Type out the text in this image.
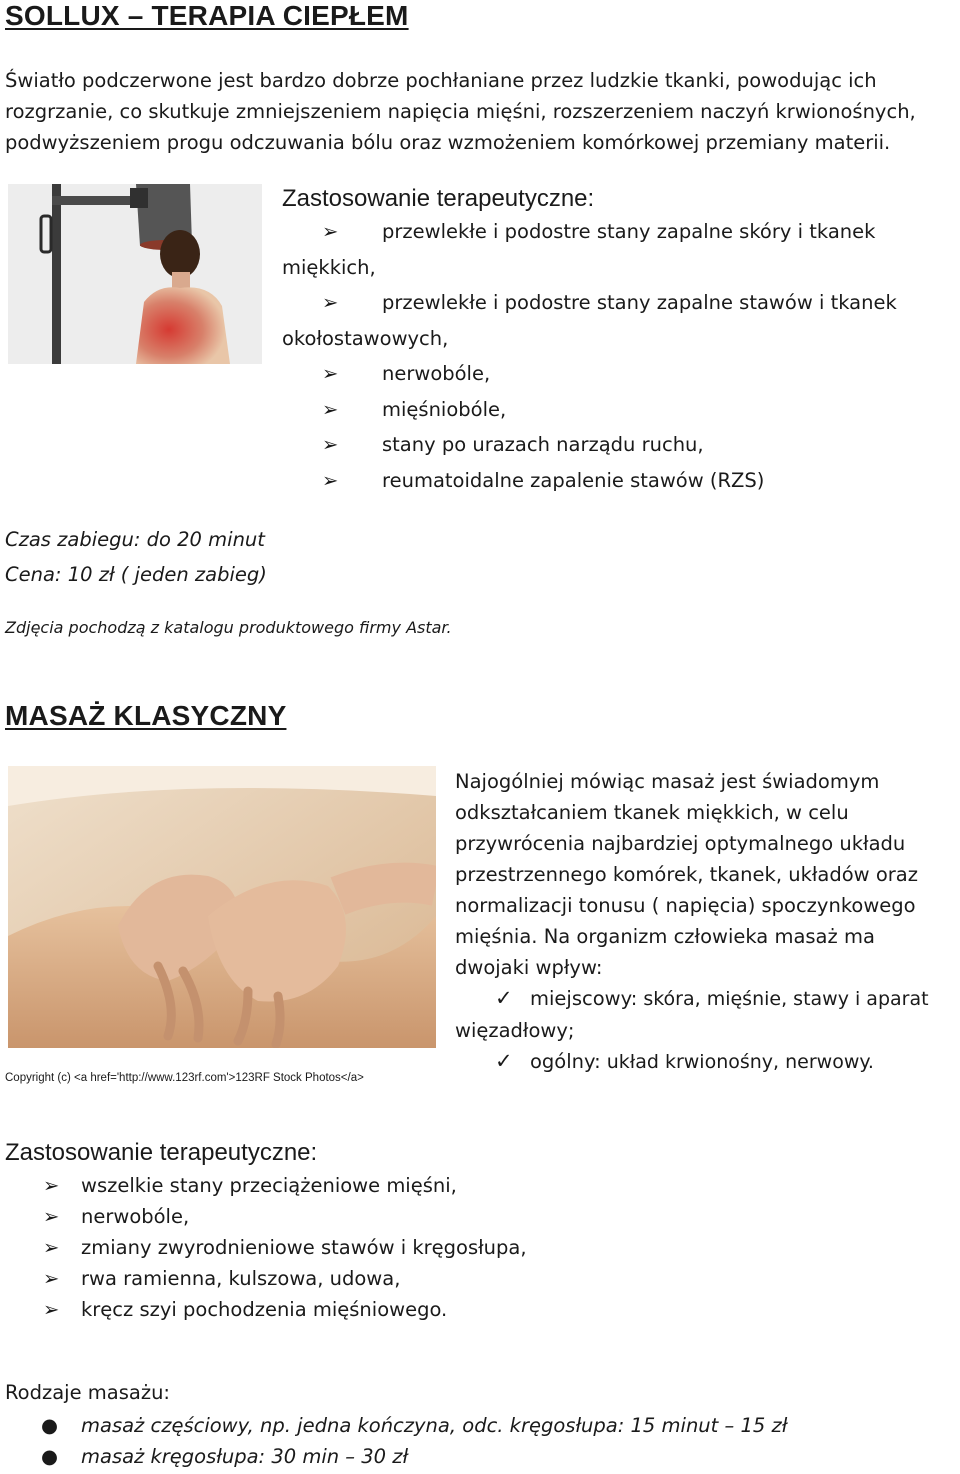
SOLLUX – TERAPIA CIEPŁEM
Światło podczerwone jest bardzo dobrze pochłaniane przez ludzkie tkanki, powodując ich
rozgrzanie, co skutkuje zmniejszeniem napięcia mięśni, rozszerzeniem naczyń krwionośnych,
podwyższeniem progu odczuwania bólu oraz wzmożeniem komórkowej przemiany materii.
Zastosowanie terapeutyczne:
➢ przewlekłe i podostre stany zapalne skóry i tkanek
miękkich,
➢ przewlekłe i podostre stany zapalne stawów i tkanek
okołostawowych,
➢ nerwobóle,
➢ mięśniobóle,
➢ stany po urazach narządu ruchu,
➢ reumatoidalne zapalenie stawów (RZS)
Czas zabiegu: do 20 minut
Cena: 10 zł ( jeden zabieg)
Zdjęcia pochodzą z katalogu produktowego firmy Astar.
MASAŻ KLASYCZNY
Copyright (c) <a href='http://www.123rf.com'>123RF Stock Photos</a>
Najogólniej mówiąc masaż jest świadomym
odkształcaniem tkanek miękkich, w celu
przywrócenia najbardziej optymalnego układu
przestrzennego komórek, tkanek, układów oraz
normalizacji tonusu ( napięcia) spoczynkowego
mięśnia. Na organizm człowieka masaż ma
dwojaki wpływ:
✓ miejscowy: skóra, mięśnie, stawy i aparat
więzadłowy;
✓ ogólny: układ krwionośny, nerwowy.
Zastosowanie terapeutyczne:
➢ wszelkie stany przeciążeniowe mięśni,
➢ nerwobóle,
➢ zmiany zwyrodnieniowe stawów i kręgosłupa,
➢ rwa ramienna, kulszowa, udowa,
➢ kręcz szyi pochodzenia mięśniowego.
Rodzaje masażu:
● masaż częściowy, np. jedna kończyna, odc. kręgosłupa: 15 minut – 15 zł
● masaż kręgosłupa: 30 min – 30 zł
